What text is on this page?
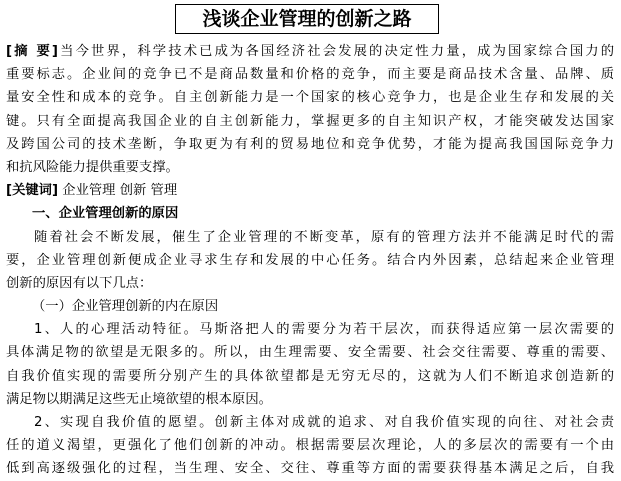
浅谈企业管理的创新之路
[摘 要]当今世界，科学技术已成为各国经济社会发展的决定性力量，成为国家综合国力的
重要标志。企业间的竞争已不是商品数量和价格的竞争，而主要是商品技术含量、品牌、质
量安全性和成本的竞争。自主创新能力是一个国家的核心竞争力，也是企业生存和发展的关
键。只有全面提高我国企业的自主创新能力，掌握更多的自主知识产权，才能突破发达国家
及跨国公司的技术垄断，争取更为有利的贸易地位和竞争优势，才能为提高我国国际竞争力
和抗风险能力提供重要支撑。
[关键词] 企业管理 创新 管理
一、企业管理创新的原因
随着社会不断发展，催生了企业管理的不断变革，原有的管理方法并不能满足时代的需
要，企业管理创新便成企业寻求生存和发展的中心任务。结合内外因素，总结起来企业管理
创新的原因有以下几点：
（一）企业管理创新的内在原因
1、人的心理活动特征。马斯洛把人的需要分为若干层次，而获得适应第一层次需要的
具体满足物的欲望是无限多的。所以，由生理需要、安全需要、社会交往需要、尊重的需要、
自我价值实现的需要所分别产生的具体欲望都是无穷无尽的，这就为人们不断追求创造新的
满足物以期满足这些无止境欲望的根本原因。
2、实现自我价值的愿望。创新主体对成就的追求、对自我价值实现的向往、对社会责
任的道义渴望，更强化了他们创新的冲动。根据需要层次理论，人的多层次的需要有一个由
低到高逐级强化的过程，当生理、安全、交往、尊重等方面的需要获得基本满足之后，自我
